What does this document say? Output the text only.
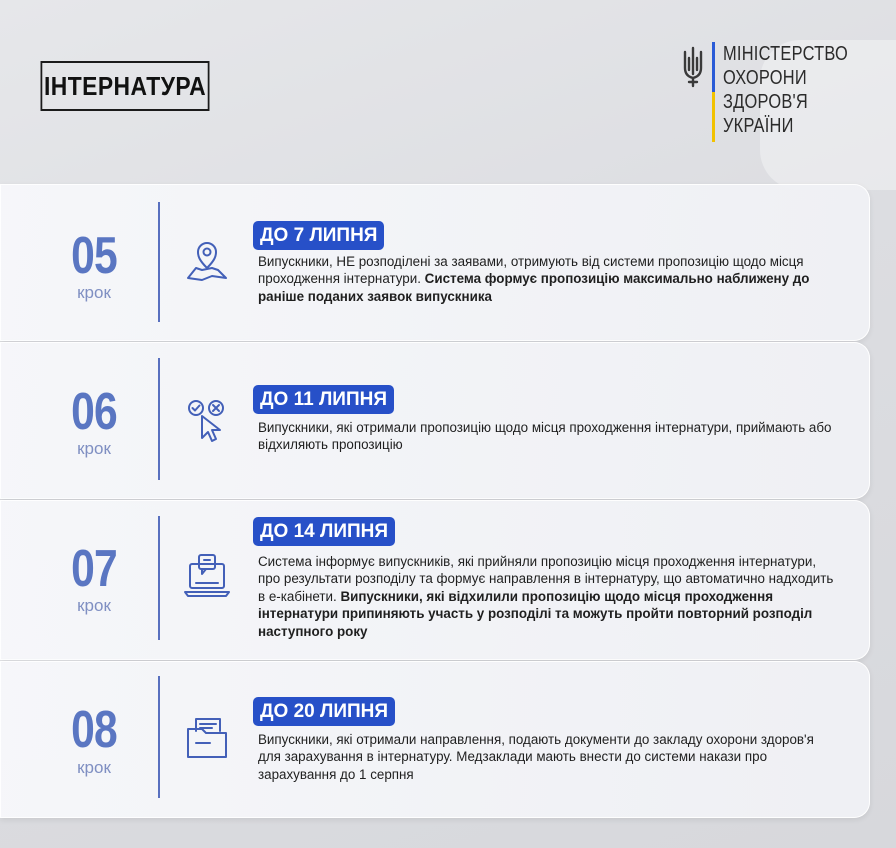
ІНТЕРНАТУРА
МІНІСТЕРСТВО
ОХОРОНИ
ЗДОРОВ'Я
УКРАЇНИ
05
крок
ДО 7 ЛИПНЯ
Випускники, НЕ розподілені за заявами, отримують від системи пропозицію щодо місця проходження інтернатури. Система формує пропозицію максимально наближену до раніше поданих заявок випускника
06
крок
ДО 11 ЛИПНЯ
Випускники, які отримали пропозицію щодо місця проходження інтернатури, приймають або відхиляють пропозицію
07
крок
ДО 14 ЛИПНЯ
Система інформує випускників, які прийняли пропозицію місця проходження інтернатури, про результати розподілу та формує направлення в інтернатуру, що автоматично надходить в е-кабінети. Випускники, які відхилили пропозицію щодо місця проходження інтернатури припиняють участь у розподілі та можуть пройти повторний розподіл наступного року
08
крок
ДО 20 ЛИПНЯ
Випускники, які отримали направлення, подають документи до закладу охорони здоров'я для зарахування в інтернатуру. Медзаклади мають внести до системи накази про зарахування до 1 серпня
